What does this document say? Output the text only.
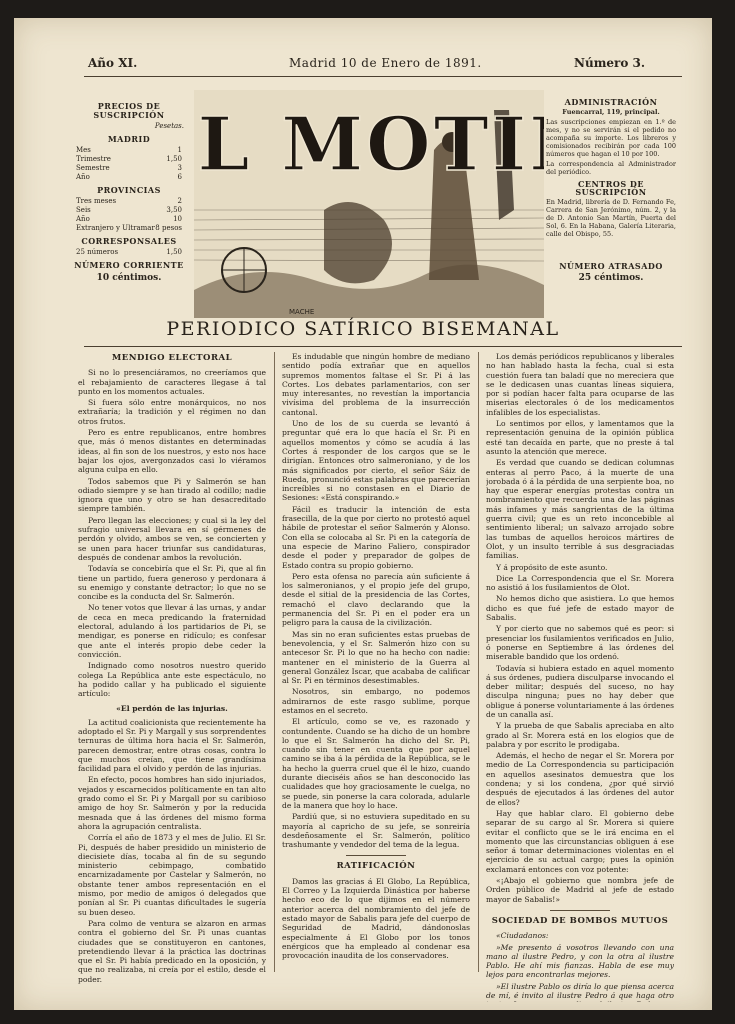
Año XI.	Madrid 10 de Enero de 1891.	Número 3.
PRECIOS DE SUSCRIPCIÓN
Pesetas.
MADRID
Mes	1
Trimestre	1,50
Semestre	3
Año	6
PROVINCIAS
Tres meses	2
Seis	3,50
Año	10
Extranjero y Ultramar 8 pesos
CORRESPONSALES
25 números	1,50
NÚMERO CORRIENTE
10 céntimos.
L MOTI
MACHE
ADMINISTRACIÓN
Fuencarral, 119, principal.

Las suscripciones empiezan en 1.º de mes, y no se servirán si el pedido no acompaña su importe. Los libreros y comisionados recibirán por cada 100 números que hagan el 10 por 100.

La correspondencia al Administrador del periódico.

CENTROS DE SUSCRIPCIÓN

En Madrid, librería de D. Fernando Fe, Carrera de San Jerónimo, núm. 2, y la de D. Antonio San Martín, Puerta del Sol, 6. En la Habana, Galería Literaria, calle del Obispo, 55.

NÚMERO ATRASADO
25 céntimos.
PERIODICO SATÍRICO BISEMANAL

MENDIGO ELECTORAL

Si no lo presenciáramos, no creeríamos que el rebajamiento de caracteres llegase á tal punto en los momentos actuales.

Si fuera sólo entre monárquicos, no nos extrañaría; la tradición y el régimen no dan otros frutos.

Pero es entre republicanos, entre hombres que, más ó menos distantes en determinadas ideas, al fin son de los nuestros, y esto nos hace bajar los ojos, avergonzados casi lo viéramos alguna culpa en ello.

Todos sabemos que Pi y Salmerón se han odiado siempre y se han tirado al codillo; nadie ignora que uno y otro se han desacreditado siempre también.

Pero llegan las elecciones; y cual si la ley del sufragio universal llevara en sí gérmenes de perdón y olvido, ambos se ven, se concierten y se unen para hacer triunfar sus candidaturas, después de condenar ambos la revolución.

Todavía se concebiría que el Sr. Pi, que al fin tiene un partido, fuera generoso y perdonara á su enemigo y constante detractor; lo que no se concibe es la conducta del Sr. Salmerón.

No tener votos que llevar á las urnas, y andar de ceca en meca predicando la fraternidad electoral, adulando á los partidarios de Pi, se mendigar, es ponerse en ridículo; es confesar que ante el interés propio debe ceder la convicción.

Indignado como nosotros nuestro querido colega La República ante este espectáculo, no ha podido callar y ha publicado el siguiente artículo:

«El perdón de las injurias.

La actitud coalicionista que recientemente ha adoptado el Sr. Pi y Margall y sus sorprendentes ternuras de última hora hacia el Sr. Salmerón, parecen demostrar, entre otras cosas, contra lo que muchos creían, que tiene grandísima facilidad para el olvido y perdón de las injurias.

En efecto, pocos hombres han sido injuriados, vejados y escarnecidos políticamente en tan alto grado como el Sr. Pi y Margall por su caribioso amigo de hoy Sr. Salmerón y por la reducida mesnada que á las órdenes del mismo forma ahora la agrupación centralista.

Corría el año de 1873 y el mes de Julio. El Sr. Pi, después de haber presidido un ministerio de diecisiete días, tocaba al fin de su segundo ministerio cebimpago, combatido encarnizadamente por Castelar y Salmerón, no obstante tener ambos representación en el mismo, por medio de amigos ó delegados que ponían al Sr. Pi cuantas dificultades le sugería su buen deseo.

Para colmo de ventura se alzaron en armas contra el gobierno del Sr. Pi unas cuantas ciudades que se constituyeron en cantones, pretendiendo llevar á la práctica las doctrinas que el Sr. Pi había predicado en la oposición, y que no realizaba, ni creía por el estilo, desde el poder.

Es indudable que ningún hombre de mediano sentido podía extrañar que en aquellos supremos momentos faltase el Sr. Pi á las Cortes. Los debates parlamentarios, con ser muy interesantes, no revestían la importancia vivísima del problema de la insurrección cantonal.

Uno de los de su cuerda se levantó á preguntar qué era lo que hacía el Sr. Pi en aquellos momentos y cómo se acudía á las Cortes á responder de los cargos que se le dirigían. Entonces otro salmeroniano, y de los más significados por cierto, el señor Sáiz de Rueda, pronunció estas palabras que parecerían increíbles si no constasen en el Diario de Sesiones: «Está conspirando.»

Fácil es traducir la intención de esta frasecilla, de la que por cierto no protestó aquel hábile de protestar el señor Salmerón y Alonso. Con ella se colocaba al Sr. Pi en la categoría de una especie de Marino Faliero, conspirador desde el poder y preparador de golpes de Estado contra su propio gobierno.

Pero esta ofensa no parecía aún suficiente á los salmeronianos, y el propio jefe del grupo, desde el sitial de la presidencia de las Cortes, remachó el clavo declarando que la permanencia del Sr. Pi en el poder era un peligro para la causa de la civilización.

Mas sin no eran suficientes estas pruebas de benevolencia, y el Sr. Salmerón hizo con su antecesor Sr. Pi lo que no ha hecho con nadie: mantener en el ministerio de la Guerra al general González Iscar, que acababa de calificar al Sr. Pi en términos desestimables.

Nosotros, sin embargo, no podemos admirarnos de este rasgo sublime, porque estamos en el secreto.

El artículo, como se ve, es razonado y contundente. Cuando se ha dicho de un hombre lo que el Sr. Salmerón ha dicho del Sr. Pi, cuando sin tener en cuenta que por aquel camino se iba á la pérdida de la República, se le ha hecho la guerra cruel que él le hizo, cuando durante dieciséis años se han desconocido las cualidades que hoy graciosamente le cuelga, no se puede, sin ponerse la cara colorada, adularle de la manera que hoy lo hace.

Pardiú que, si no estuviera supeditado en su mayoría al capricho de su jefe, se sonreiría desdeñosamente el Sr. Salmerón, político trashumante y vendedor del tema de la legua.

RATIFICACIÓN

Damos las gracias á El Globo, La República, El Correo y La Izquierda Dinástica por haberse hecho eco de lo que dijimos en el número anterior acerca del nombramiento del jefe de estado mayor de Sabalis para jefe del cuerpo de Seguridad de Madrid, dándonoslas especialmente á El Globo por los tonos enérgicos que ha empleado al condenar esa provocación inaudita de los conservadores.

Los demás periódicos republicanos y liberales no han hablado hasta la fecha, cual si esta cuestión fuera tan baladí que no mereciera que se le dedicasen unas cuantas líneas siquiera, por si podían hacer falta para ocuparse de las miserias electorales ó de los medicamentos infalibles de los especialistas.

Lo sentimos por ellos, y lamentamos que la representación genuina de la opinión pública esté tan decaída en parte, que no preste á tal asunto la atención que merece.

Es verdad que cuando se dedican columnas enteras al perro Paco, á la muerte de una jorobada ó á la pérdida de una serpiente boa, no hay que esperar energías protestas contra un nombramiento que recuerda una de las páginas más infames y más sangrientas de la última guerra civil; que es un reto inconcebible al sentimiento liberal; un salvazo arrojado sobre las tumbas de aquellos heroicos mártires de Olot, y un insulto terrible á sus desgraciadas familias.

Y á propósito de este asunto.

Dice La Correspondencia que el Sr. Morera no asistió á los fusilamientos de Olot.

No hemos dicho que asistiera. Lo que hemos dicho es que fué jefe de estado mayor de Sabalis.

Y por cierto que no sabemos qué es peor: si presenciar los fusilamientos verificados en Julio, ó ponerse en Septiembre á las órdenes del miserable bandido que los ordenó.

Todavía si hubiera estado en aquel momento á sus órdenes, pudiera disculparse invocando el deber militar; después del suceso, no hay disculpa ninguna; pues no hay deber que obligue á ponerse voluntariamente á las órdenes de un canalla así.

Y la prueba de que Sabalis apreciaba en alto grado al Sr. Morera está en los elogios que de palabra y por escrito le prodigaba.

Además, el hecho de negar el Sr. Morera por medio de La Correspondencia su participación en aquellos asesinatos demuestra que los condena; y si los condena, ¿por qué sirvió después de ejecutados á las órdenes del autor de ellos?

Hay que hablar claro. El gobierno debe separar de su cargo al Sr. Morera si quiere evitar el conflicto que se le irá encima en el momento que las circunstancias obliguen á ese señor á tomar determinaciones violentas en el ejercicio de su actual cargo; pues la opinión exclamará entonces con voz potente:

«¡Abajo el gobierno que nombra jefe de Orden público de Madrid al jefe de estado mayor de Sabalis!»

SOCIEDAD DE BOMBOS MUTUOS

«Ciudadanos:

»Me presento á vosotros llevando con una mano al ilustre Pedro, y con la otra al ilustre Pablo. He ahí mis fianzas. Habla de ese muy lejos para encontrarlas mejores.

»El ilustre Pablo os diría lo que piensa acerca de mí, é invito al ilustre Pedro á que haga otro
